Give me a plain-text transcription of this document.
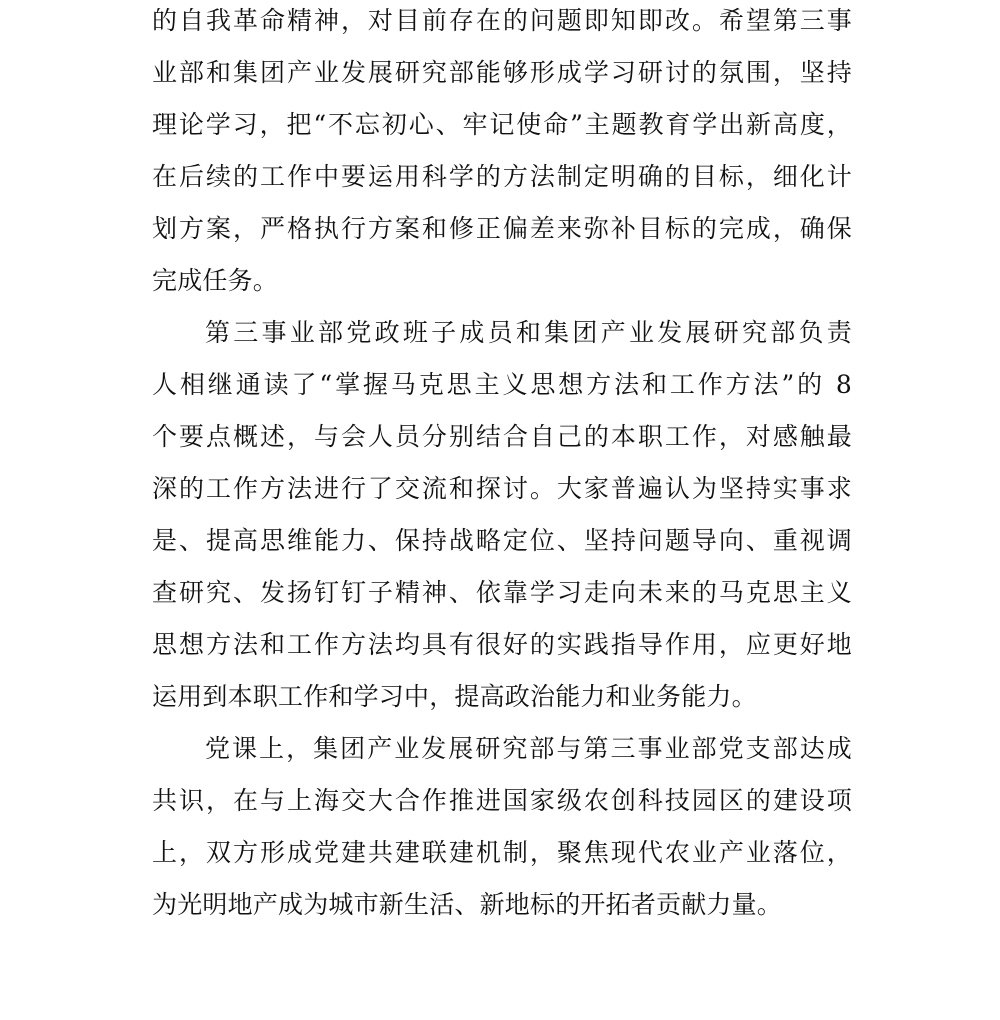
的自我革命精神，对目前存在的问题即知即改。希望第三事
业部和集团产业发展研究部能够形成学习研讨的氛围，坚持
理论学习，把“不忘初心、牢记使命”主题教育学出新高度，
在后续的工作中要运用科学的方法制定明确的目标，细化计
划方案，严格执行方案和修正偏差来弥补目标的完成，确保
完成任务。
第三事业部党政班子成员和集团产业发展研究部负责
人相继通读了“掌握马克思主义思想方法和工作方法”的 8
个要点概述，与会人员分别结合自己的本职工作，对感触最
深的工作方法进行了交流和探讨。大家普遍认为坚持实事求
是、提高思维能力、保持战略定位、坚持问题导向、重视调
查研究、发扬钉钉子精神、依靠学习走向未来的马克思主义
思想方法和工作方法均具有很好的实践指导作用，应更好地
运用到本职工作和学习中，提高政治能力和业务能力。
党课上，集团产业发展研究部与第三事业部党支部达成
共识，在与上海交大合作推进国家级农创科技园区的建设项
上，双方形成党建共建联建机制，聚焦现代农业产业落位，
为光明地产成为城市新生活、新地标的开拓者贡献力量。
